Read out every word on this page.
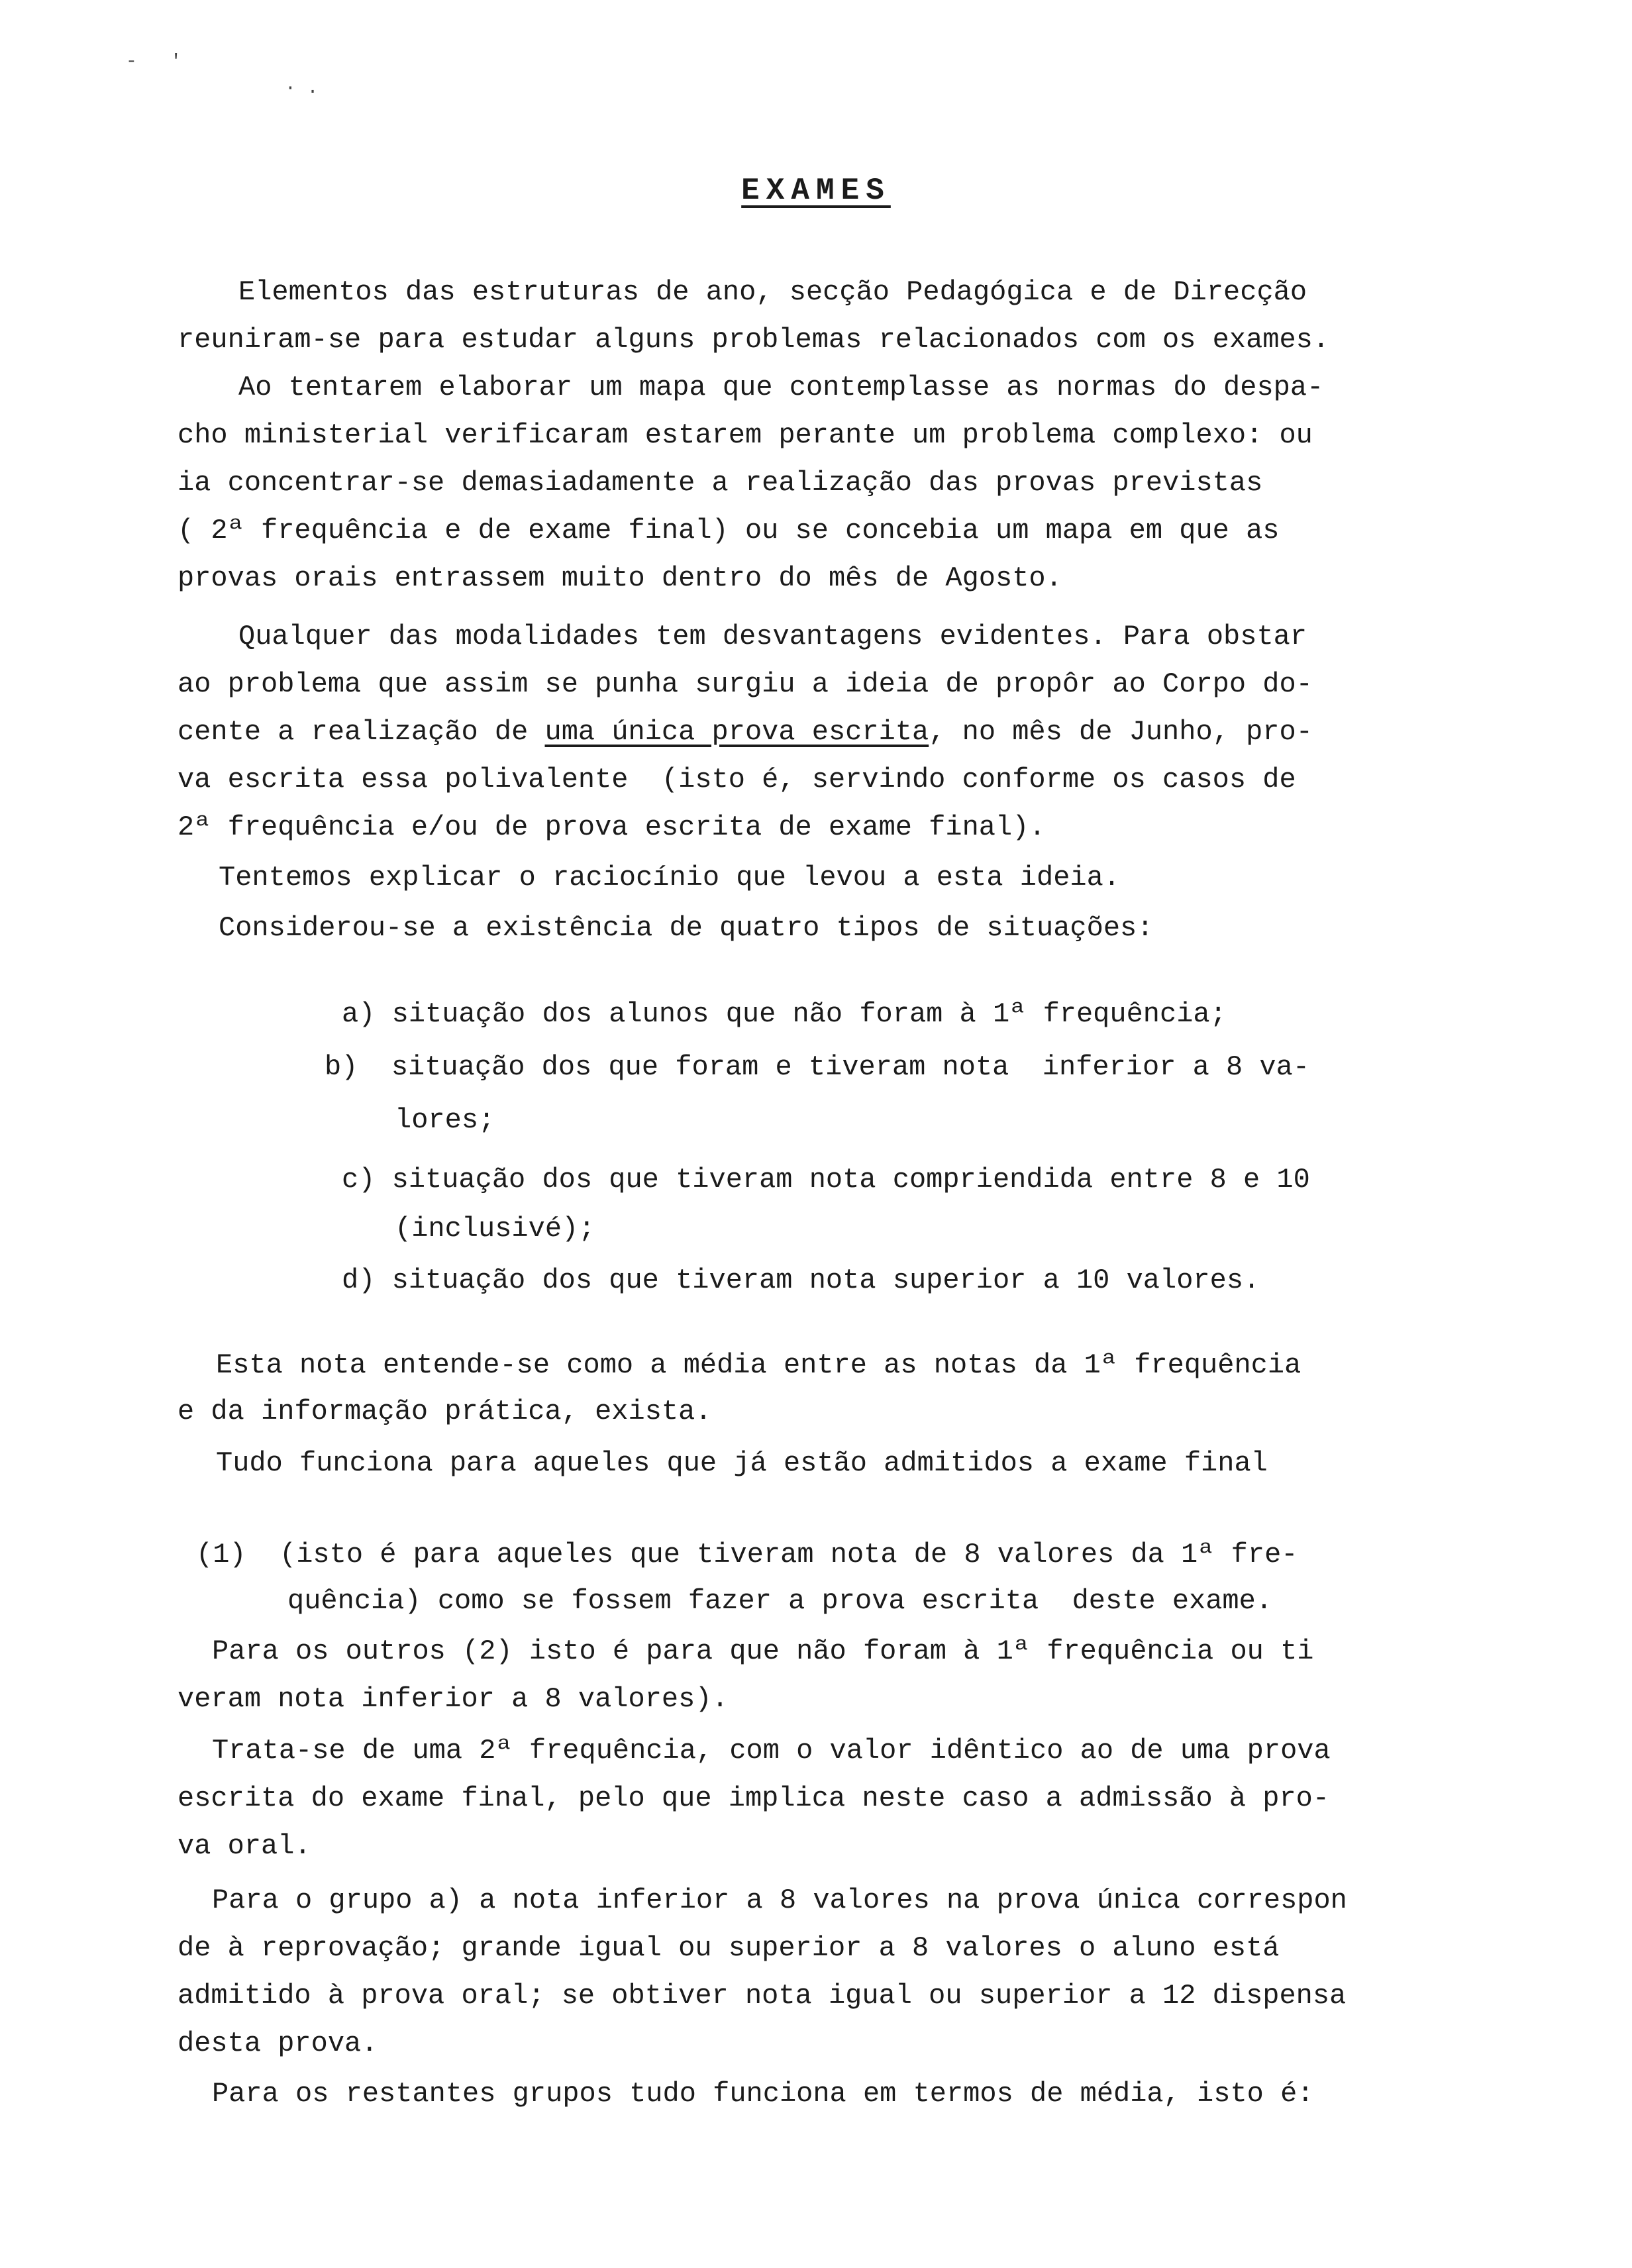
-   '
· .
EXAMES
Elementos das estruturas de ano, secção Pedagógica e de Direcção
reuniram-se para estudar alguns problemas relacionados com os exames.
Ao tentarem elaborar um mapa que contemplasse as normas do despa-
cho ministerial verificaram estarem perante um problema complexo: ou
ia concentrar-se demasiadamente a realização das provas previstas
( 2ª frequência e de exame final) ou se concebia um mapa em que as
provas orais entrassem muito dentro do mês de Agosto.
Qualquer das modalidades tem desvantagens evidentes. Para obstar
ao problema que assim se punha surgiu a ideia de propôr ao Corpo do-
cente a realização de uma única prova escrita, no mês de Junho, pro-
va escrita essa polivalente  (isto é, servindo conforme os casos de
2ª frequência e/ou de prova escrita de exame final).
Tentemos explicar o raciocínio que levou a esta ideia.
Considerou-se a existência de quatro tipos de situações:
a) situação dos alunos que não foram à 1ª frequência;
b)  situação dos que foram e tiveram nota  inferior a 8 va-
lores;
c) situação dos que tiveram nota compriendida entre 8 e 10
(inclusivé);
d) situação dos que tiveram nota superior a 10 valores.
Esta nota entende-se como a média entre as notas da 1ª frequência
e da informação prática, exista.
Tudo funciona para aqueles que já estão admitidos a exame final
(1)  (isto é para aqueles que tiveram nota de 8 valores da 1ª fre-
quência) como se fossem fazer a prova escrita  deste exame.
Para os outros (2) isto é para que não foram à 1ª frequência ou ti
veram nota inferior a 8 valores).
Trata-se de uma 2ª frequência, com o valor idêntico ao de uma prova
escrita do exame final, pelo que implica neste caso a admissão à pro-
va oral.
Para o grupo a) a nota inferior a 8 valores na prova única correspon
de à reprovação; grande igual ou superior a 8 valores o aluno está
admitido à prova oral; se obtiver nota igual ou superior a 12 dispensa
desta prova.
Para os restantes grupos tudo funciona em termos de média, isto é:
